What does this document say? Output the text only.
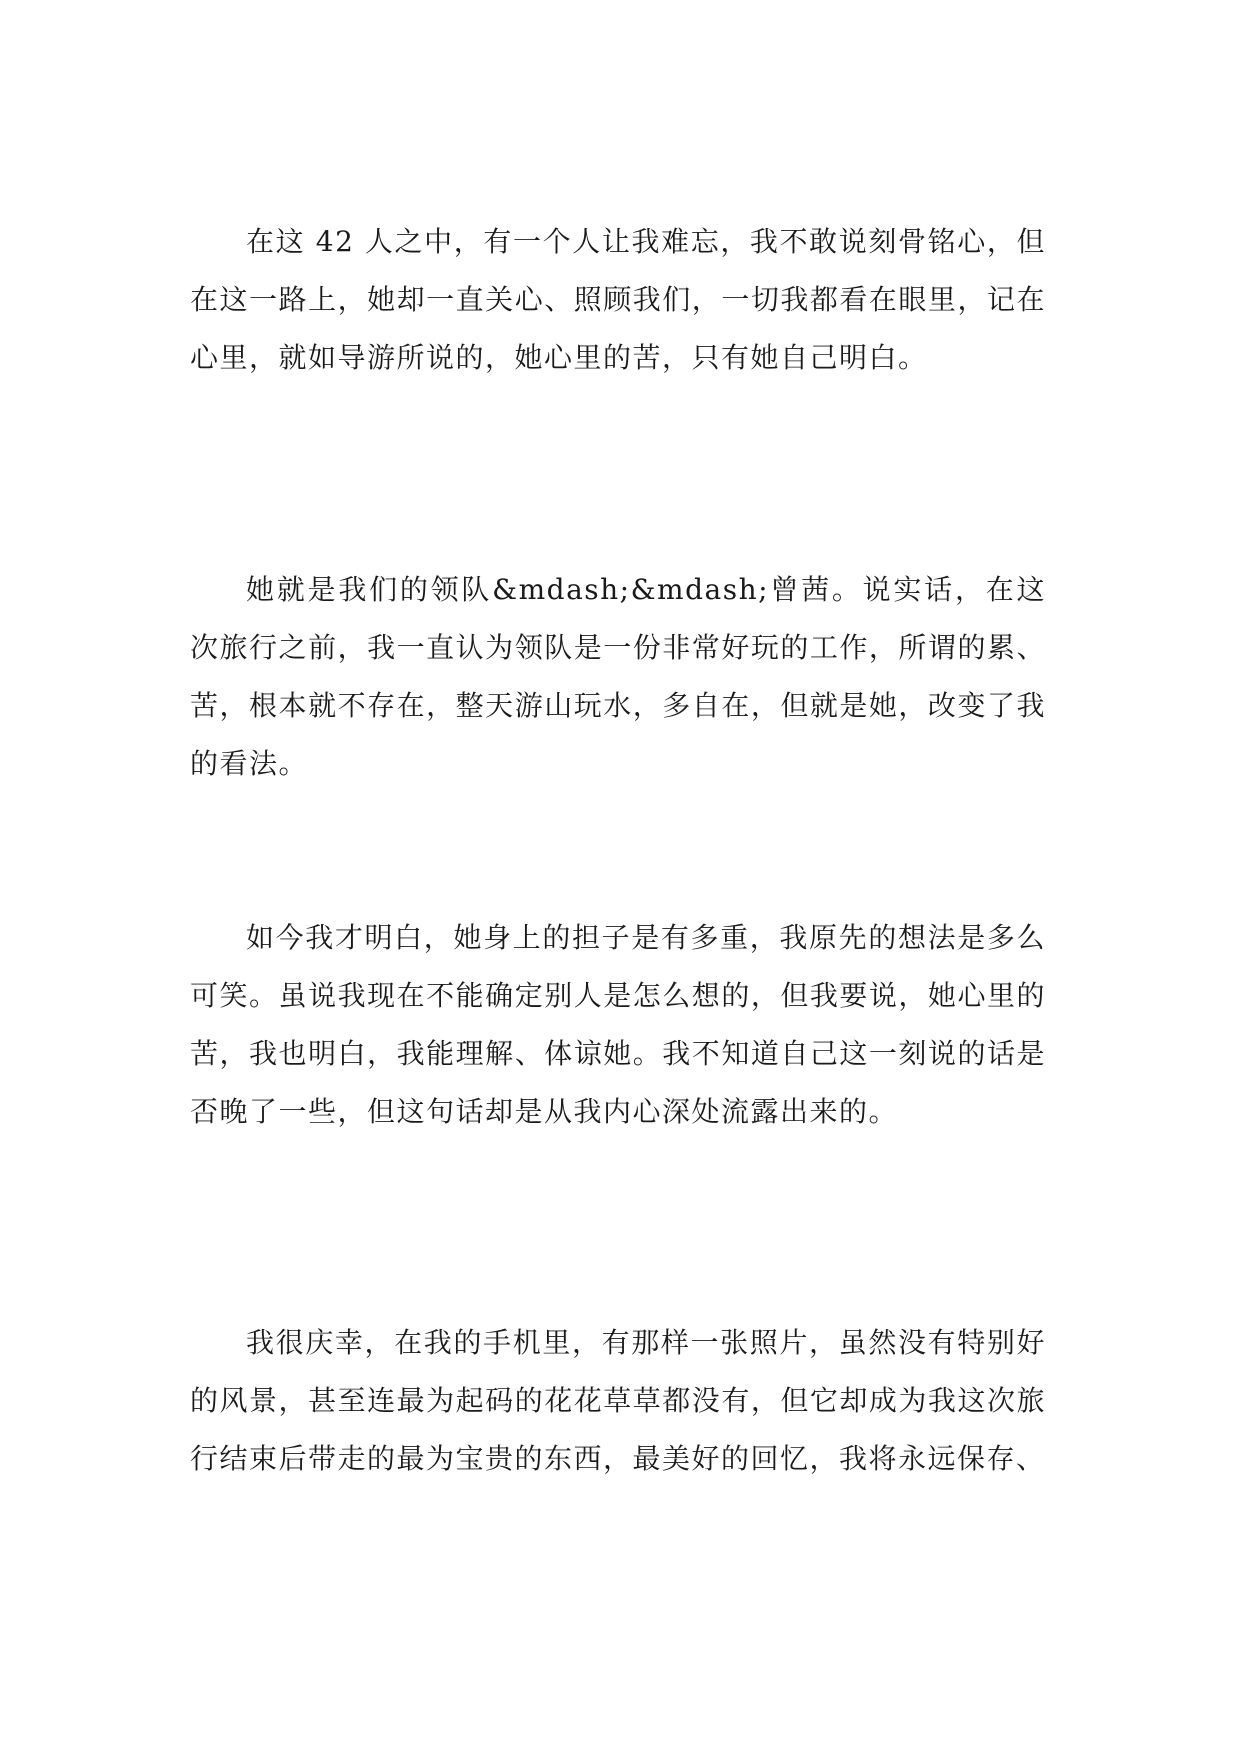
在这 42 人之中，有一个人让我难忘，我不敢说刻骨铭心，但在这一路上，她却一直关心、照顾我们，一切我都看在眼里，记在心里，就如导游所说的，她心里的苦，只有她自己明白。

她就是我们的领队&mdash;&mdash;曾茜。说实话，在这次旅行之前，我一直认为领队是一份非常好玩的工作，所谓的累、苦，根本就不存在，整天游山玩水，多自在，但就是她，改变了我的看法。

如今我才明白，她身上的担子是有多重，我原先的想法是多么可笑。虽说我现在不能确定别人是怎么想的，但我要说，她心里的苦，我也明白，我能理解、体谅她。我不知道自己这一刻说的话是否晚了一些，但这句话却是从我内心深处流露出来的。

我很庆幸，在我的手机里，有那样一张照片，虽然没有特别好的风景，甚至连最为起码的花花草草都没有，但它却成为我这次旅行结束后带走的最为宝贵的东西，最美好的回忆，我将永远保存、
